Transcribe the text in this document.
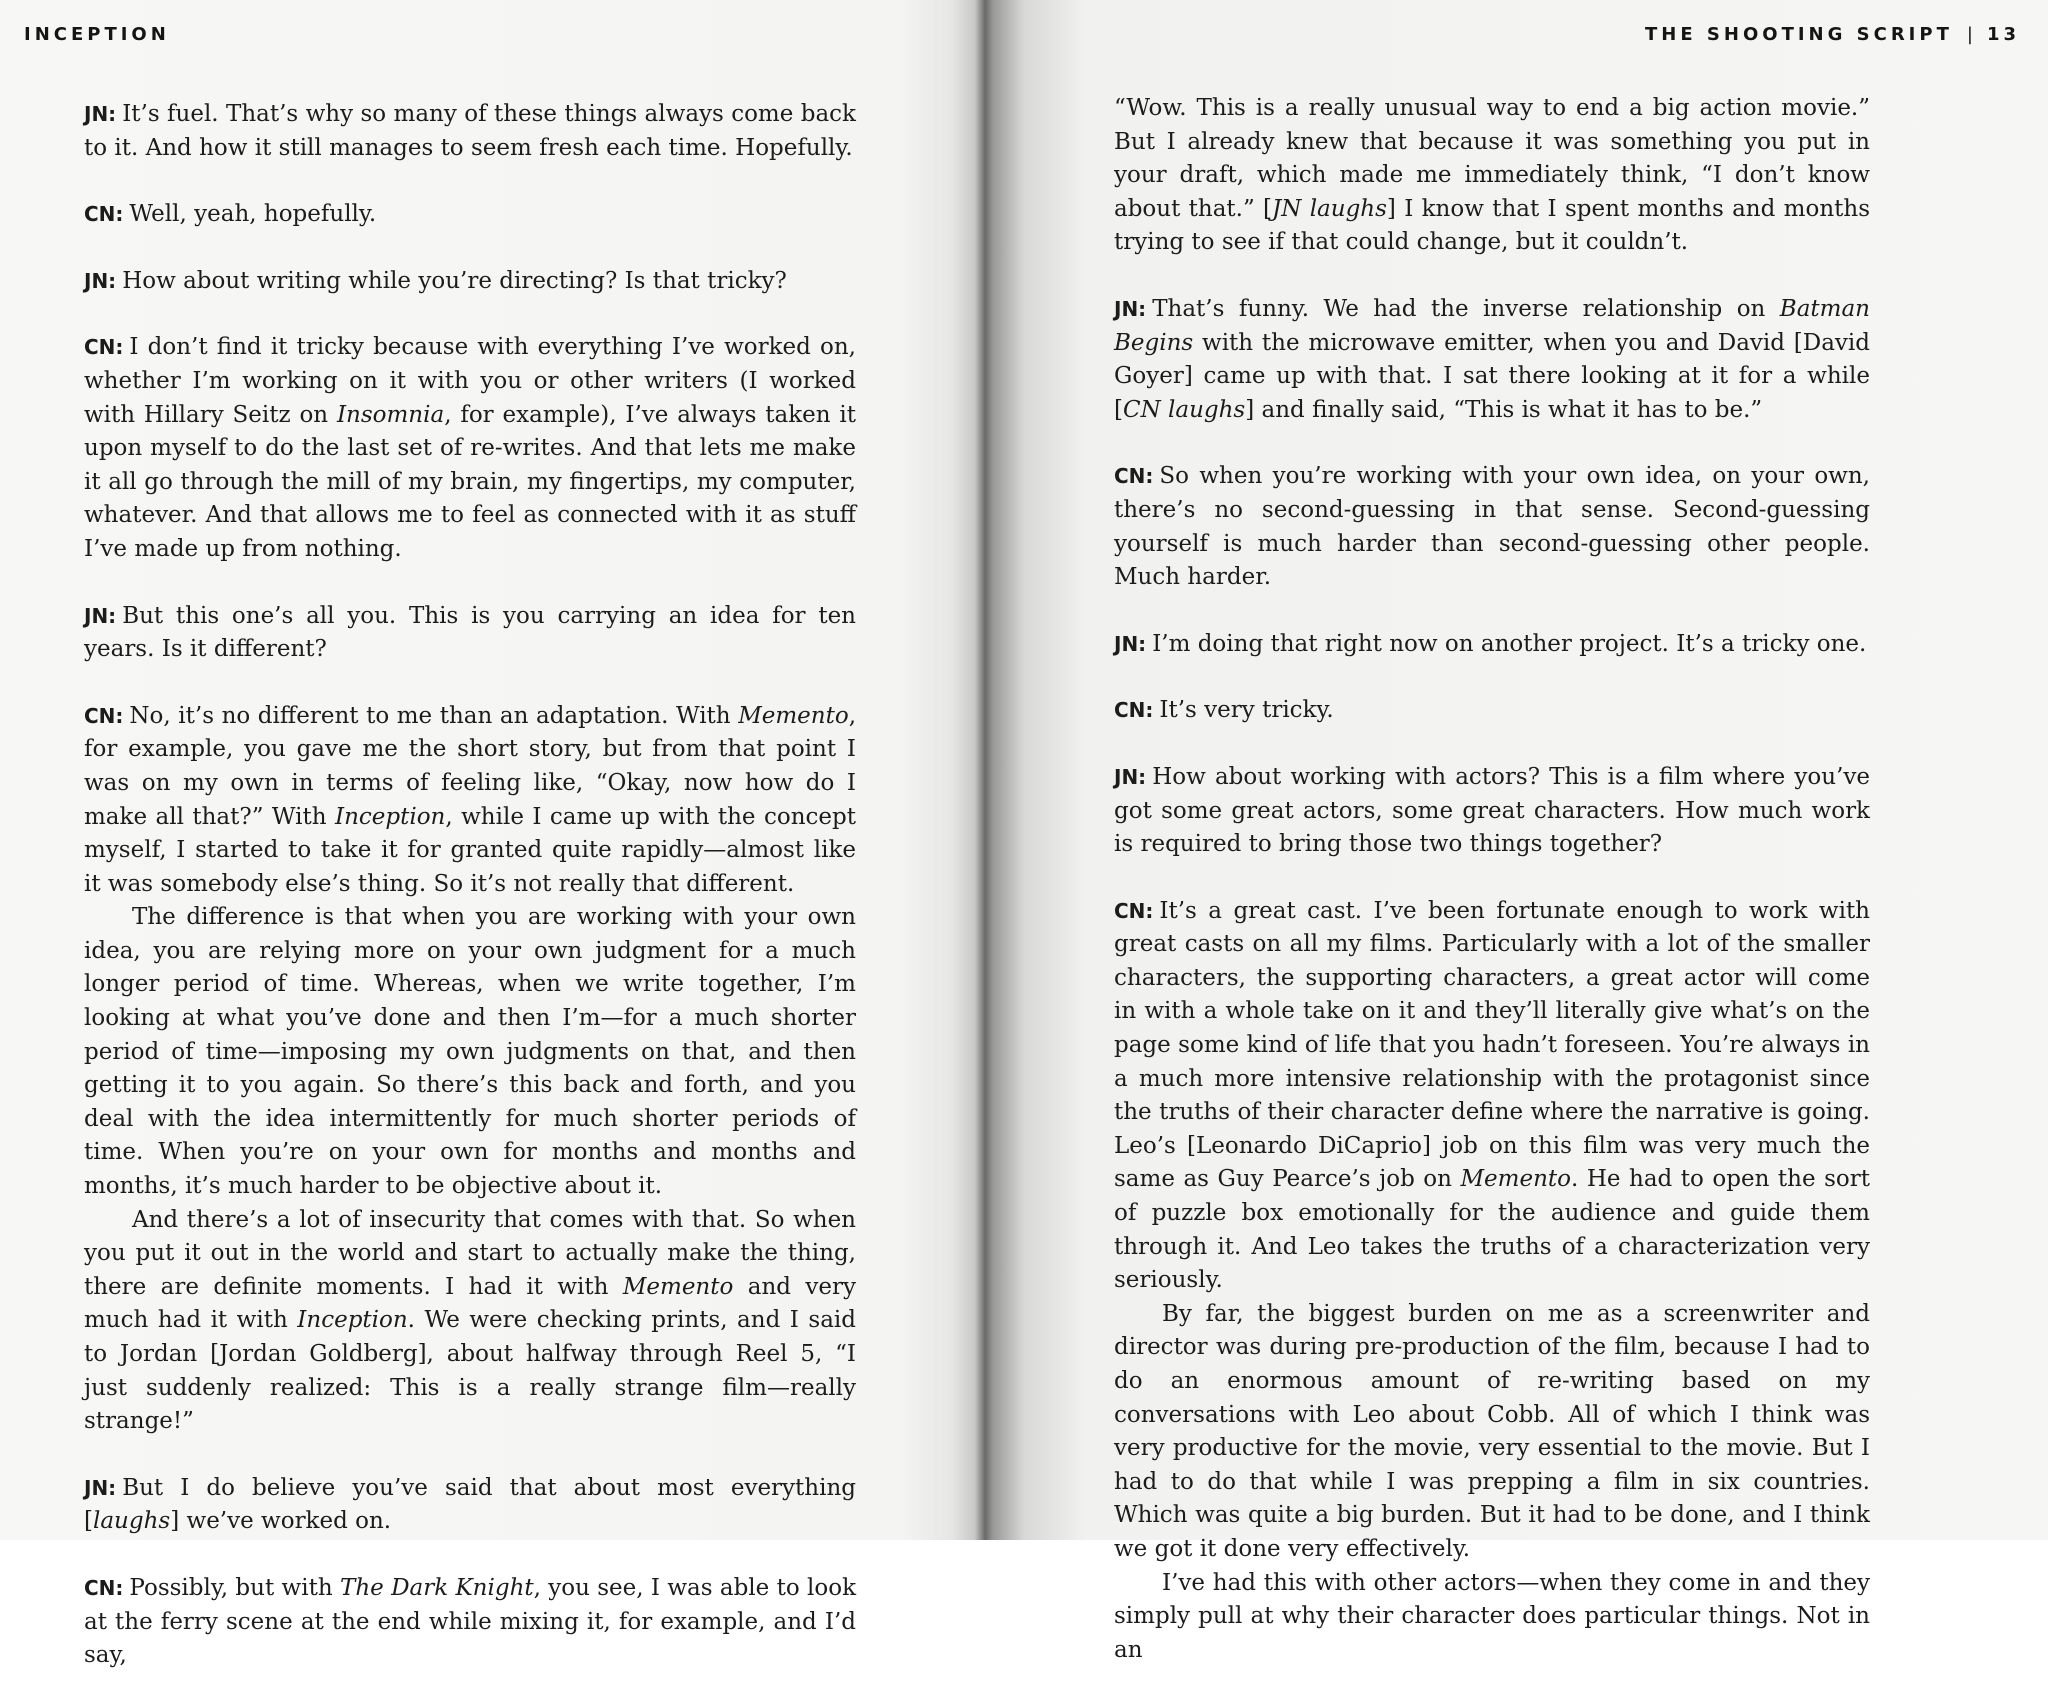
INCEPTION

JN: It’s fuel. That’s why so many of these things always come back to it. And how it still manages to seem fresh each time. Hopefully.

CN: Well, yeah, hopefully.

JN: How about writing while you’re directing? Is that tricky?

CN: I don’t find it tricky because with everything I’ve worked on, whether I’m working on it with you or other writers (I worked with Hillary Seitz on Insomnia, for example), I’ve always taken it upon myself to do the last set of re-writes. And that lets me make it all go through the mill of my brain, my fingertips, my computer, whatever. And that allows me to feel as connected with it as stuff I’ve made up from nothing.

JN: But this one’s all you. This is you carrying an idea for ten years. Is it different?

CN: No, it’s no different to me than an adaptation. With Memento, for example, you gave me the short story, but from that point I was on my own in terms of feeling like, “Okay, now how do I make all that?” With Inception, while I came up with the concept myself, I started to take it for granted quite rapidly—almost like it was somebody else’s thing. So it’s not really that different.

The difference is that when you are working with your own idea, you are relying more on your own judgment for a much longer period of time. Whereas, when we write together, I’m looking at what you’ve done and then I’m—for a much shorter period of time—imposing my own judgments on that, and then getting it to you again. So there’s this back and forth, and you deal with the idea intermittently for much shorter periods of time. When you’re on your own for months and months and months, it’s much harder to be objective about it.

And there’s a lot of insecurity that comes with that. So when you put it out in the world and start to actually make the thing, there are definite moments. I had it with Memento and very much had it with Inception. We were checking prints, and I said to Jordan [Jordan Goldberg], about halfway through Reel 5, “I just suddenly realized: This is a really strange film—really strange!”

JN: But I do believe you’ve said that about most everything [laughs] we’ve worked on.

CN: Possibly, but with The Dark Knight, you see, I was able to look at the ferry scene at the end while mixing it, for example, and I’d say,

THE SHOOTING SCRIPT | 13

“Wow. This is a really unusual way to end a big action movie.” But I already knew that because it was something you put in your draft, which made me immediately think, “I don’t know about that.” [JN laughs] I know that I spent months and months trying to see if that could change, but it couldn’t.

JN: That’s funny. We had the inverse relationship on Batman Begins with the microwave emitter, when you and David [David Goyer] came up with that. I sat there looking at it for a while [CN laughs] and finally said, “This is what it has to be.”

CN: So when you’re working with your own idea, on your own, there’s no second-guessing in that sense. Second-guessing yourself is much harder than second-guessing other people. Much harder.

JN: I’m doing that right now on another project. It’s a tricky one.

CN: It’s very tricky.

JN: How about working with actors? This is a film where you’ve got some great actors, some great characters. How much work is required to bring those two things together?

CN: It’s a great cast. I’ve been fortunate enough to work with great casts on all my films. Particularly with a lot of the smaller characters, the supporting characters, a great actor will come in with a whole take on it and they’ll literally give what’s on the page some kind of life that you hadn’t foreseen. You’re always in a much more intensive relationship with the protagonist since the truths of their character define where the narrative is going. Leo’s [Leonardo DiCaprio] job on this film was very much the same as Guy Pearce’s job on Memento. He had to open the sort of puzzle box emotionally for the audience and guide them through it. And Leo takes the truths of a characterization very seriously.

By far, the biggest burden on me as a screenwriter and director was during pre-production of the film, because I had to do an enormous amount of re-writing based on my conversations with Leo about Cobb. All of which I think was very productive for the movie, very essential to the movie. But I had to do that while I was prepping a film in six countries. Which was quite a big burden. But it had to be done, and I think we got it done very effectively.

I’ve had this with other actors—when they come in and they simply pull at why their character does particular things. Not in an
